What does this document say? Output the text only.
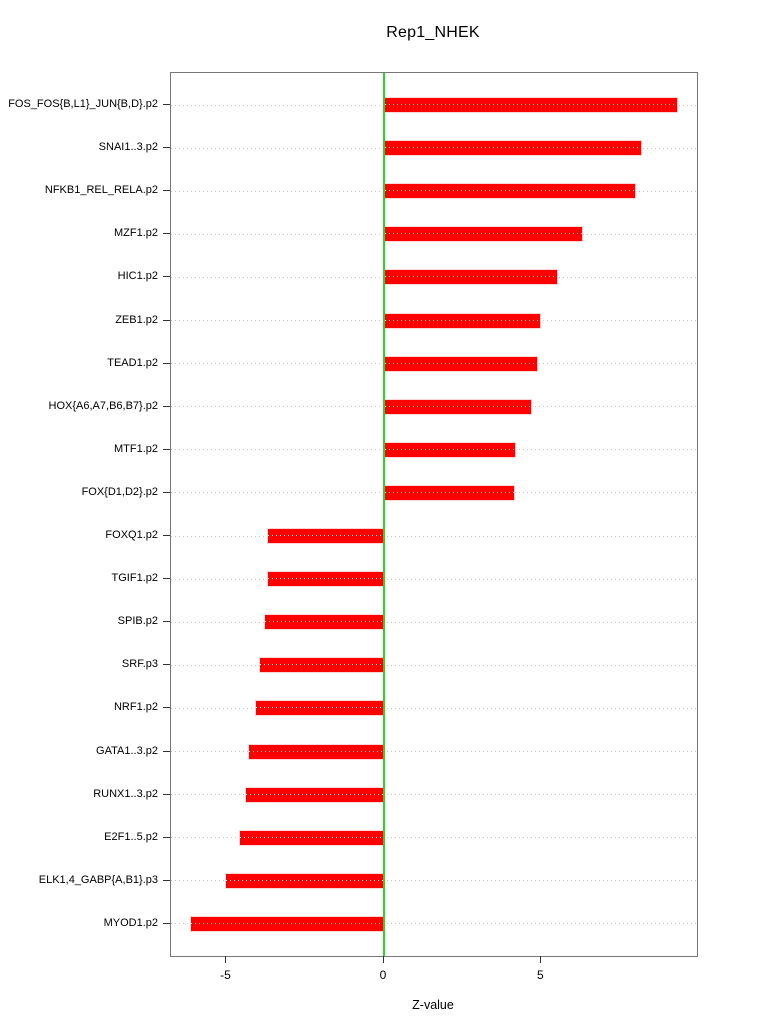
Rep1_NHEK
FOS_FOS{B,L1}_JUN{B,D}.p2
SNAI1..3.p2
NFKB1_REL_RELA.p2
MZF1.p2
HIC1.p2
ZEB1.p2
TEAD1.p2
HOX{A6,A7,B6,B7}.p2
MTF1.p2
FOX{D1,D2}.p2
FOXQ1.p2
TGIF1.p2
SPIB.p2
SRF.p3
NRF1.p2
GATA1..3.p2
RUNX1..3.p2
E2F1..5.p2
ELK1,4_GABP{A,B1}.p3
MYOD1.p2
-5	0	5
Z-value
